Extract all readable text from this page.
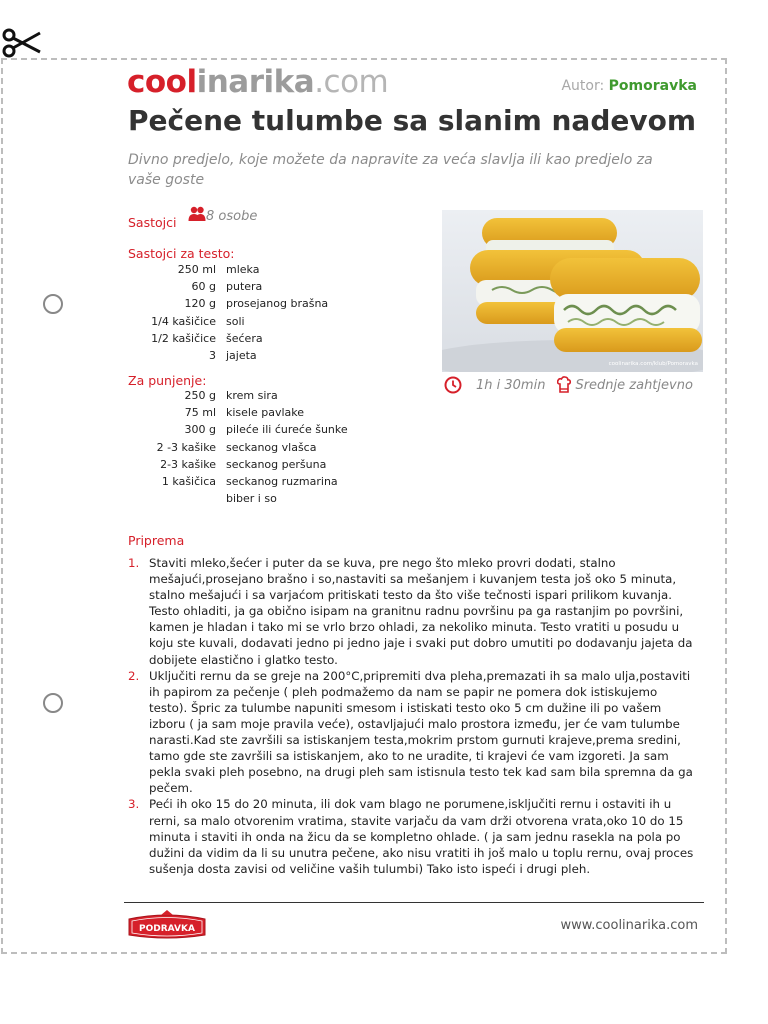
coolinarika.com	Autor: Pomoravka
Pečene tulumbe sa slanim nadevom
Divno predjelo, koje možete da napravite za veća slavlja ili kao predjelo za vaše goste
Sastojci	8 osobe
Sastojci za testo:
250 ml mleka
60 g putera
120 g prosejanog brašna
1/4 kašičice soli
1/2 kašičice šećera
3 jajeta
Za punjenje:
250 g krem sira
75 ml kisele pavlake
300 g pileće ili ćureće šunke
2 -3 kašike seckanog vlašca
2-3 kašike seckanog peršuna
1 kašičica seckanog ruzmarina
biber i so
coolinarika.com/klub/Pomoravka
1h i 30min Srednje zahtjevno
Priprema
1. Staviti mleko,šećer i puter da se kuva, pre nego što mleko provri dodati, stalno mešajući,prosejano brašno i so,nastaviti sa mešanjem i kuvanjem testa još oko 5 minuta, stalno mešajući i sa varjaćom pritiskati testo da što više tečnosti ispari prilikom kuvanja. Testo ohladiti, ja ga obično isipam na granitnu radnu površinu pa ga rastanjim po površini, kamen je hladan i tako mi se vrlo brzo ohladi, za nekoliko minuta. Testo vratiti u posudu u koju ste kuvali, dodavati jedno pi jedno jaje i svaki put dobro umutiti po dodavanju jajeta da dobijete elastično i glatko testo.
2. Uključiti rernu da se greje na 200°C,pripremiti dva pleha,premazati ih sa malo ulja,postaviti ih papirom za pečenje ( pleh podmažemo da nam se papir ne pomera dok istiskujemo testo). Špric za tulumbe napuniti smesom i istiskati testo oko 5 cm dužine ili po vašem izboru ( ja sam moje pravila veće), ostavljajući malo prostora između, jer će vam tulumbe narasti.Kad ste završili sa istiskanjem testa,mokrim prstom gurnuti krajeve,prema sredini, tamo gde ste završili sa istiskanjem, ako to ne uradite, ti krajevi će vam izgoreti. Ja sam pekla svaki pleh posebno, na drugi pleh sam istisnula testo tek kad sam bila spremna da ga pečem.
3. Peći ih oko 15 do 20 minuta, ili dok vam blago ne porumene,isključiti rernu i ostaviti ih u rerni, sa malo otvorenim vratima, stavite varjaču da vam drži otvorena vrata,oko 10 do 15 minuta i staviti ih onda na žicu da se kompletno ohlade. ( ja sam jednu rasekla na pola po dužini da vidim da li su unutra pečene, ako nisu vratiti ih još malo u toplu rernu, ovaj proces sušenja dosta zavisi od veličine vaših tulumbi) Tako isto ispeći i drugi pleh.
PODRAVKA	www.coolinarika.com
